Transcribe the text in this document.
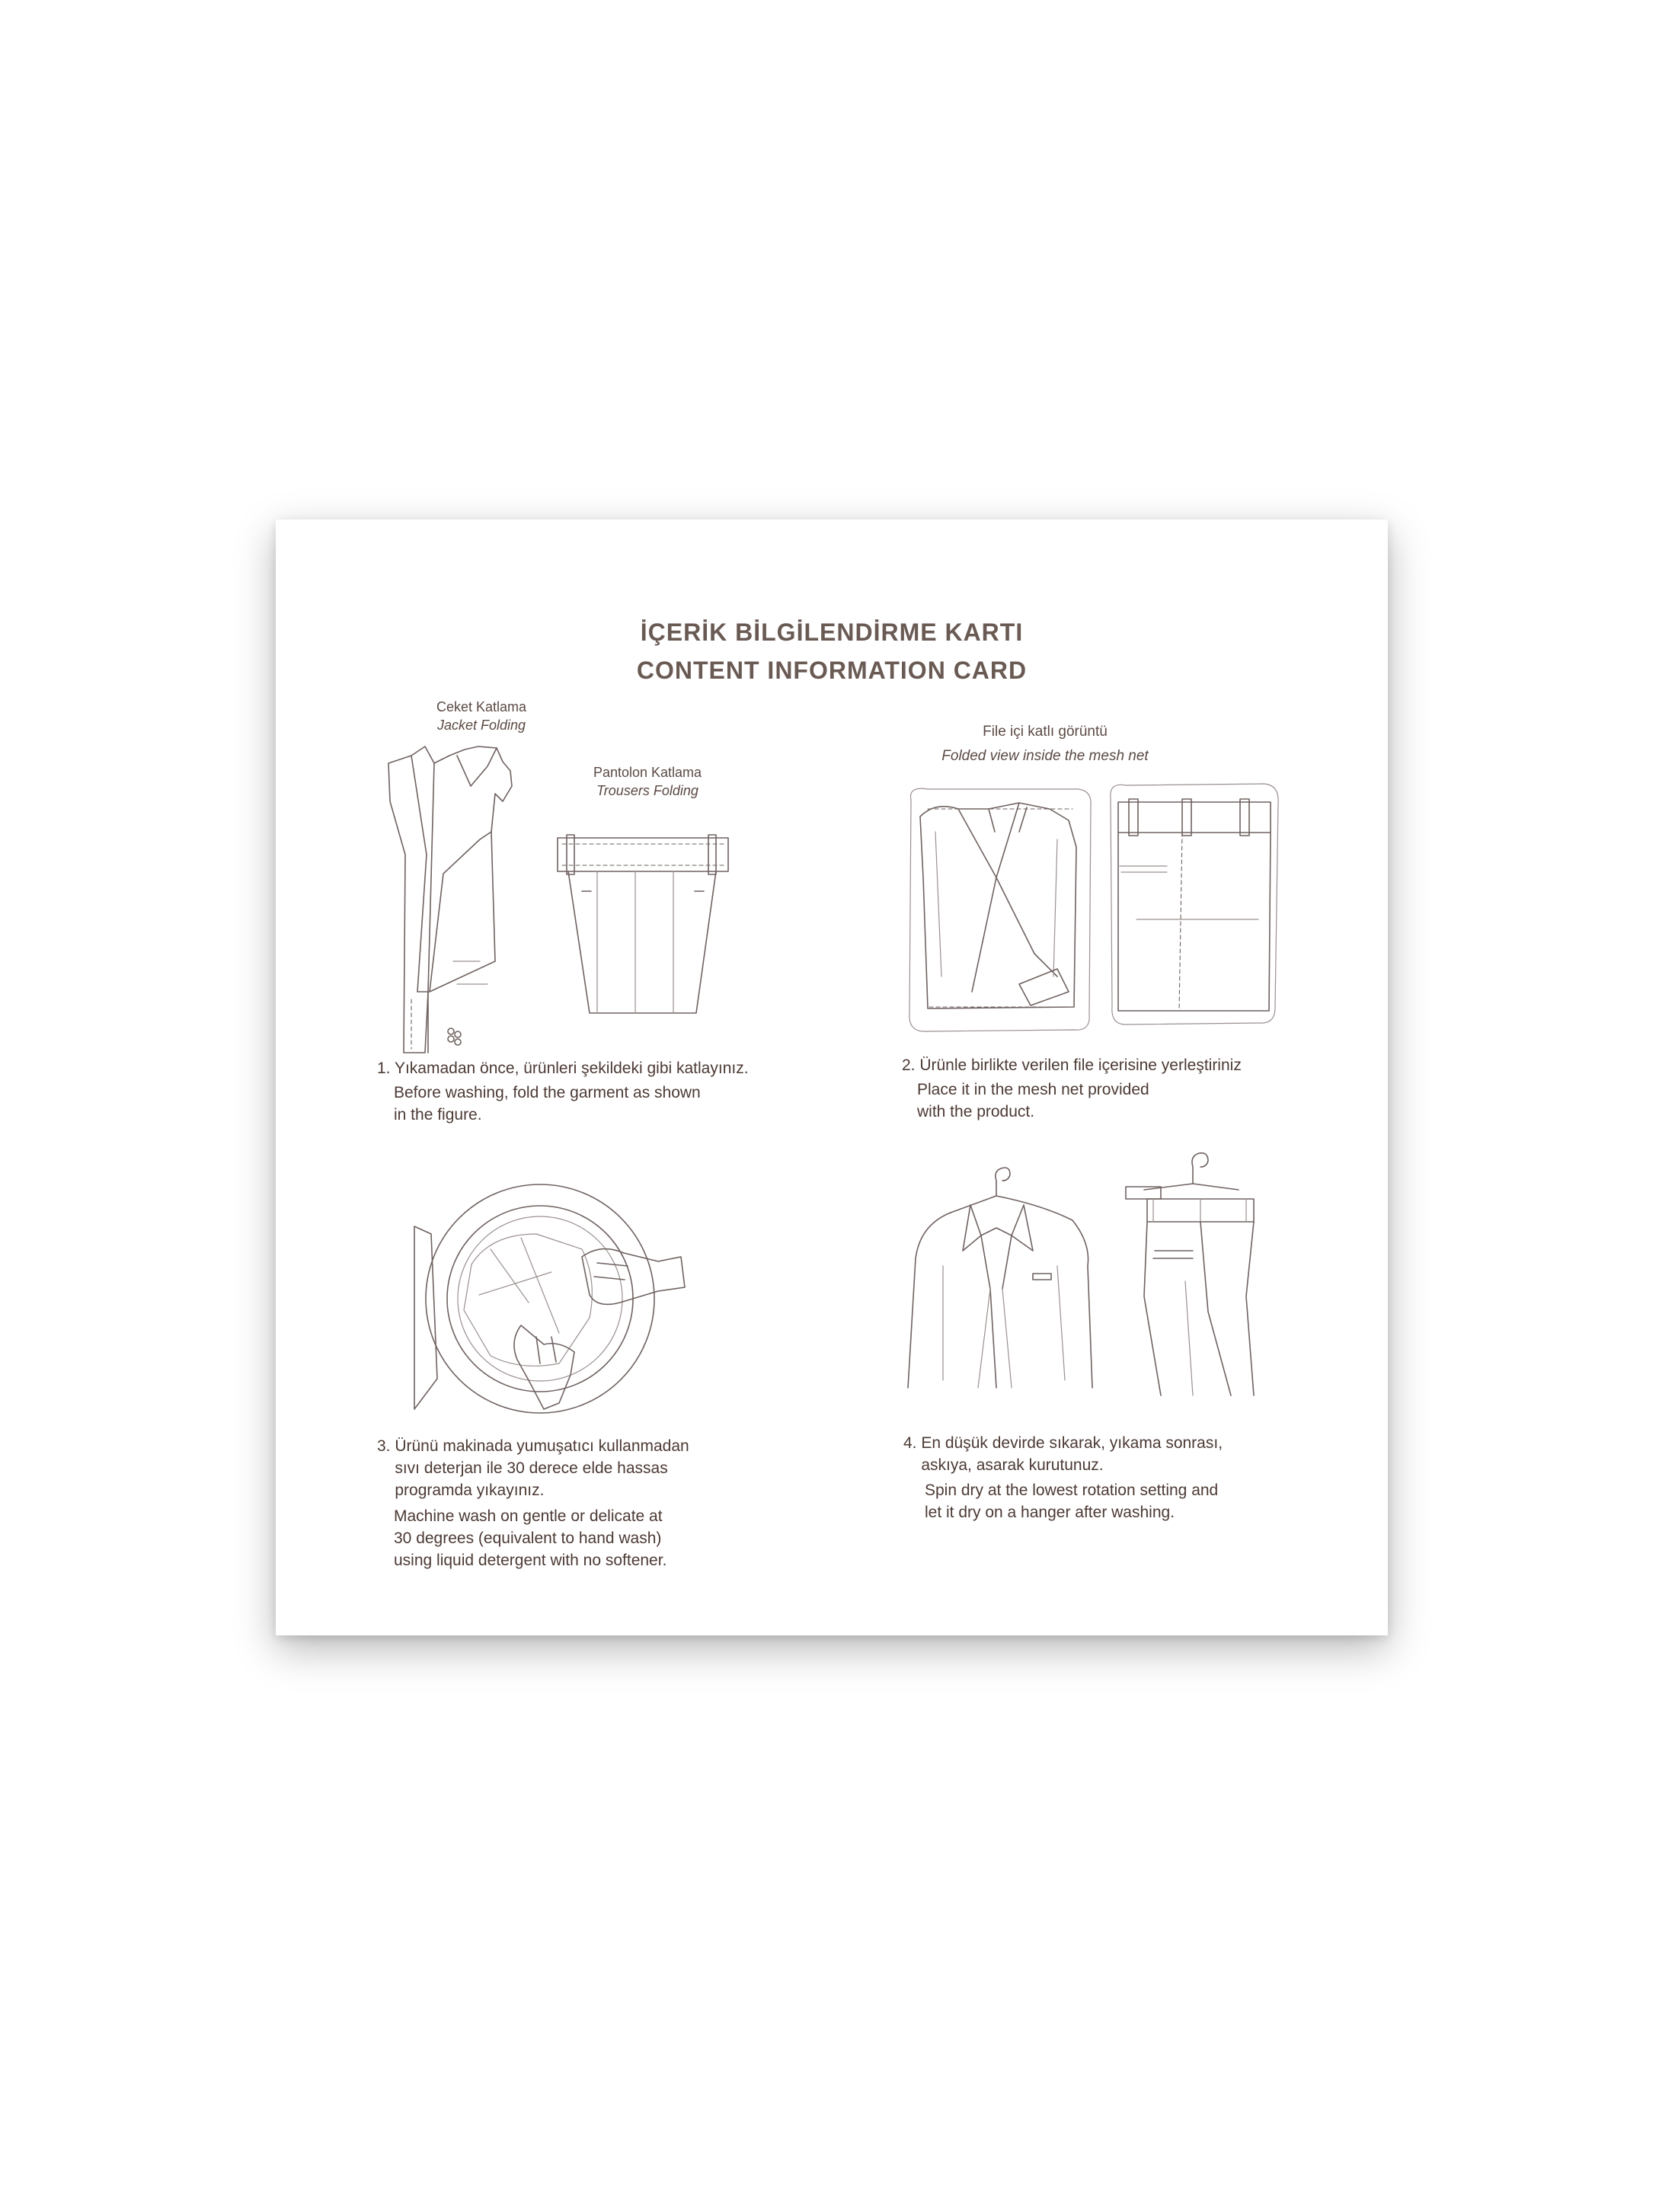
İÇERİK BİLGİLENDİRME KARTI
CONTENT INFORMATION CARD
Ceket Katlama
Jacket Folding
Pantolon Katlama
Trousers Folding
File içi katlı görüntü
Folded view inside the mesh net
1. Yıkamadan önce, ürünleri şekildeki gibi katlayınız.
Before washing, fold the garment as shown
in the figure.
2. Ürünle birlikte verilen file içerisine yerleştiriniz
Place it in the mesh net provided
with the product.
3. Ürünü makinada yumuşatıcı kullanmadan
sıvı deterjan ile 30 derece elde hassas
programda yıkayınız.
Machine wash on gentle or delicate at
30 degrees (equivalent to hand wash)
using liquid detergent with no softener.
4. En düşük devirde sıkarak, yıkama sonrası,
askıya, asarak kurutunuz.
Spin dry at the lowest rotation setting and
let it dry on a hanger after washing.
